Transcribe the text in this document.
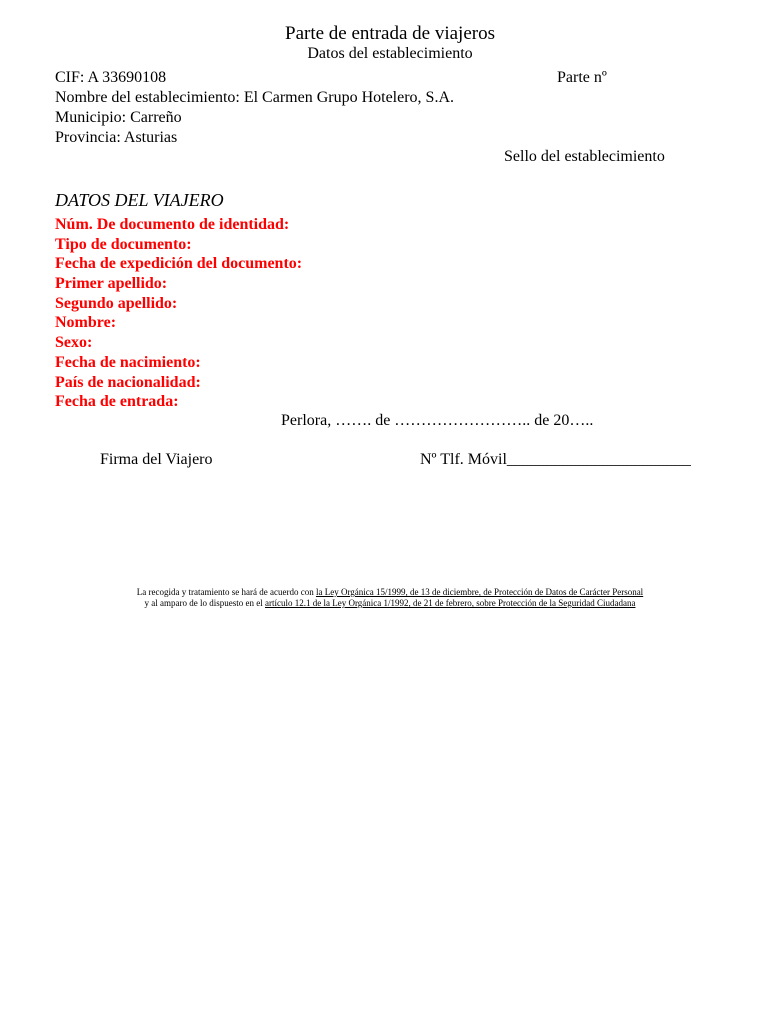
Parte de entrada de viajeros
Datos del establecimiento
CIF: A 33690108	Parte nº
Nombre del establecimiento: El Carmen Grupo Hotelero, S.A.
Municipio: Carreño
Provincia: Asturias
Sello del establecimiento
DATOS DEL VIAJERO
Núm. De documento de identidad:
Tipo de documento:
Fecha de expedición del documento:
Primer apellido:
Segundo apellido:
Nombre:
Sexo:
Fecha de nacimiento:
País de nacionalidad:
Fecha de entrada:
Perlora, ……. de …………………….. de 20…..
Firma del Viajero	Nº Tlf. Móvil_______________________
La recogida y tratamiento se hará de acuerdo con la Ley Orgánica 15/1999, de 13 de diciembre, de Protección de Datos de Carácter Personal
y al amparo de lo dispuesto en el artículo 12.1 de la Ley Orgánica 1/1992, de 21 de febrero, sobre Protección de la Seguridad Ciudadana
